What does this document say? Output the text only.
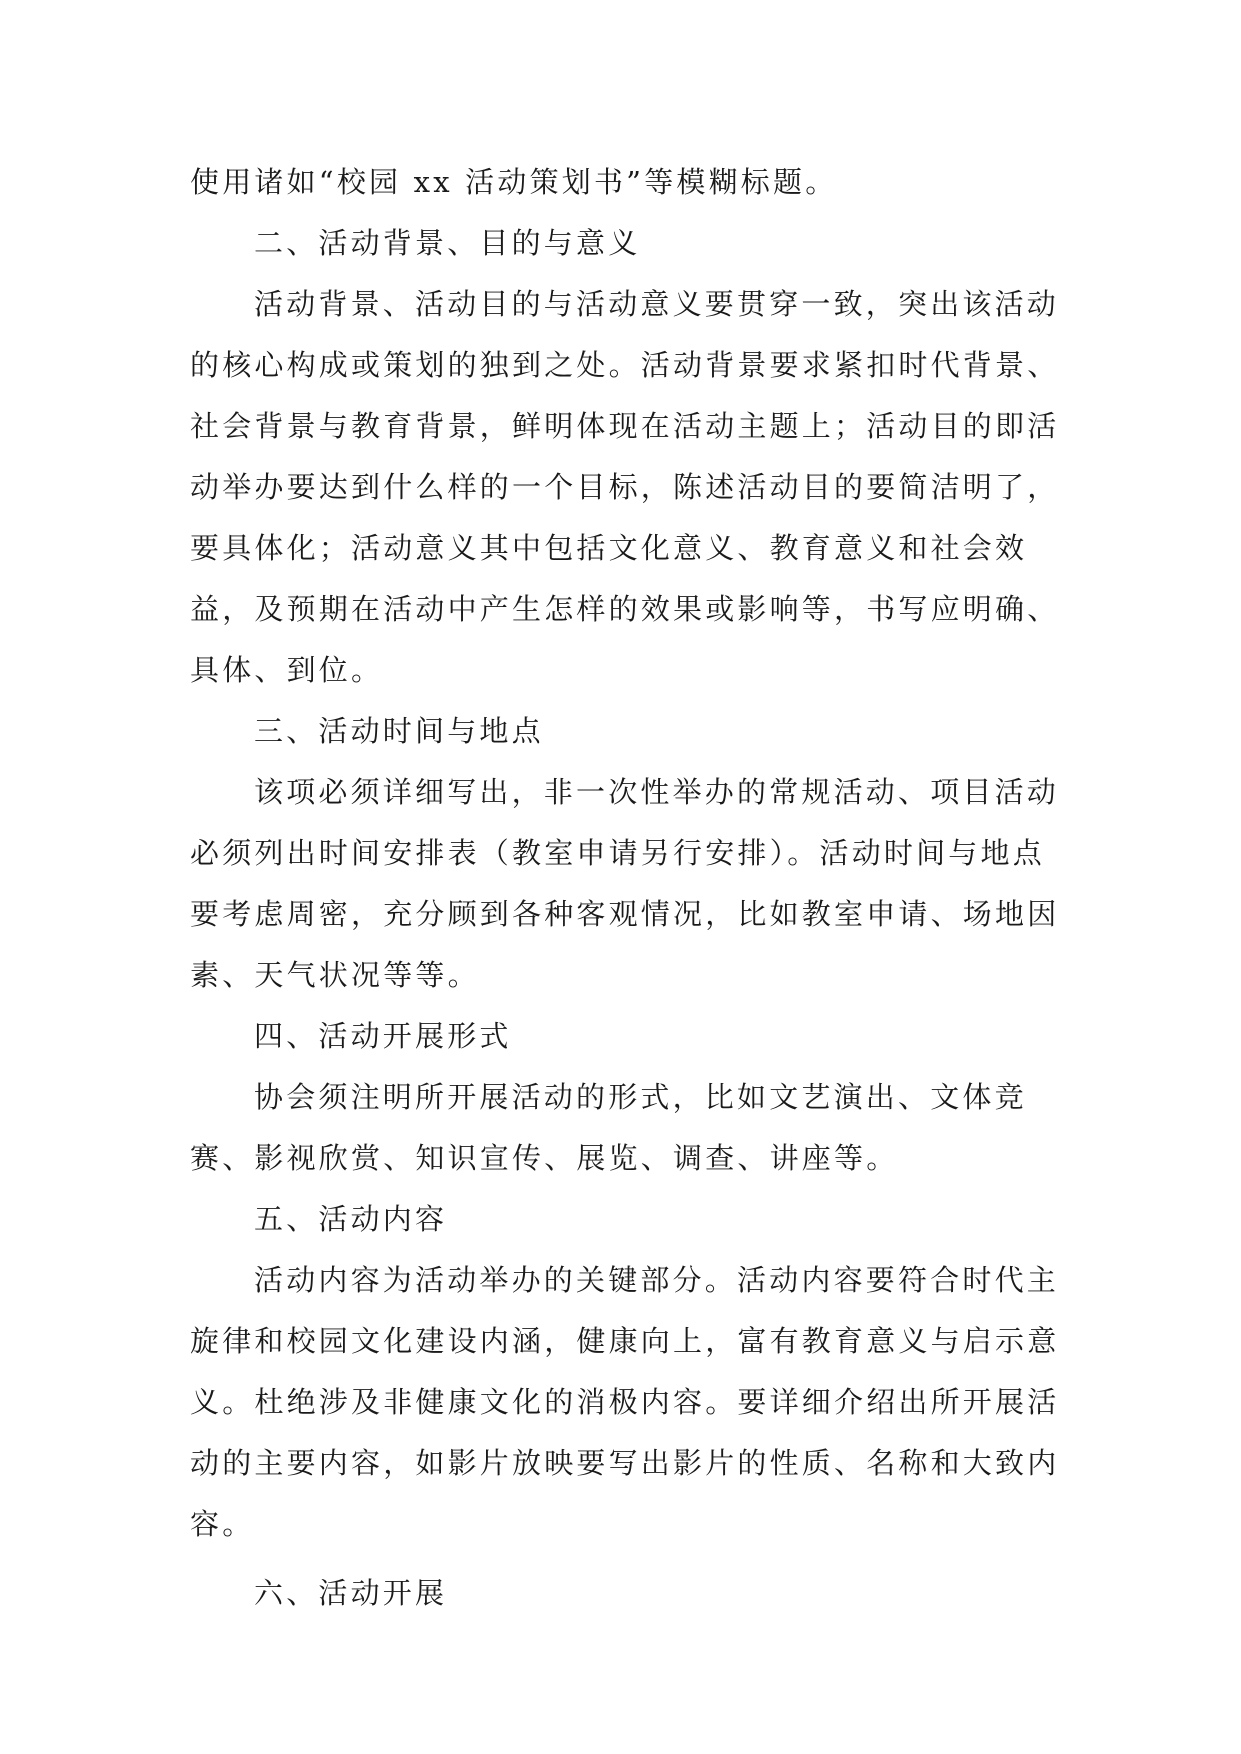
使用诸如“校园 xx 活动策划书”等模糊标题。

二、活动背景、目的与意义

活动背景、活动目的与活动意义要贯穿一致，突出该活动的核心构成或策划的独到之处。活动背景要求紧扣时代背景、社会背景与教育背景，鲜明体现在活动主题上；活动目的即活动举办要达到什么样的一个目标，陈述活动目的要简洁明了，要具体化；活动意义其中包括文化意义、教育意义和社会效益，及预期在活动中产生怎样的效果或影响等，书写应明确、具体、到位。

三、活动时间与地点

该项必须详细写出，非一次性举办的常规活动、项目活动必须列出时间安排表（教室申请另行安排）。活动时间与地点要考虑周密，充分顾到各种客观情况，比如教室申请、场地因素、天气状况等等。

四、活动开展形式

协会须注明所开展活动的形式，比如文艺演出、文体竞赛、影视欣赏、知识宣传、展览、调查、讲座等。

五、活动内容

活动内容为活动举办的关键部分。活动内容要符合时代主旋律和校园文化建设内涵，健康向上，富有教育意义与启示意义。杜绝涉及非健康文化的消极内容。要详细介绍出所开展活动的主要内容，如影片放映要写出影片的性质、名称和大致内容。

六、活动开展
